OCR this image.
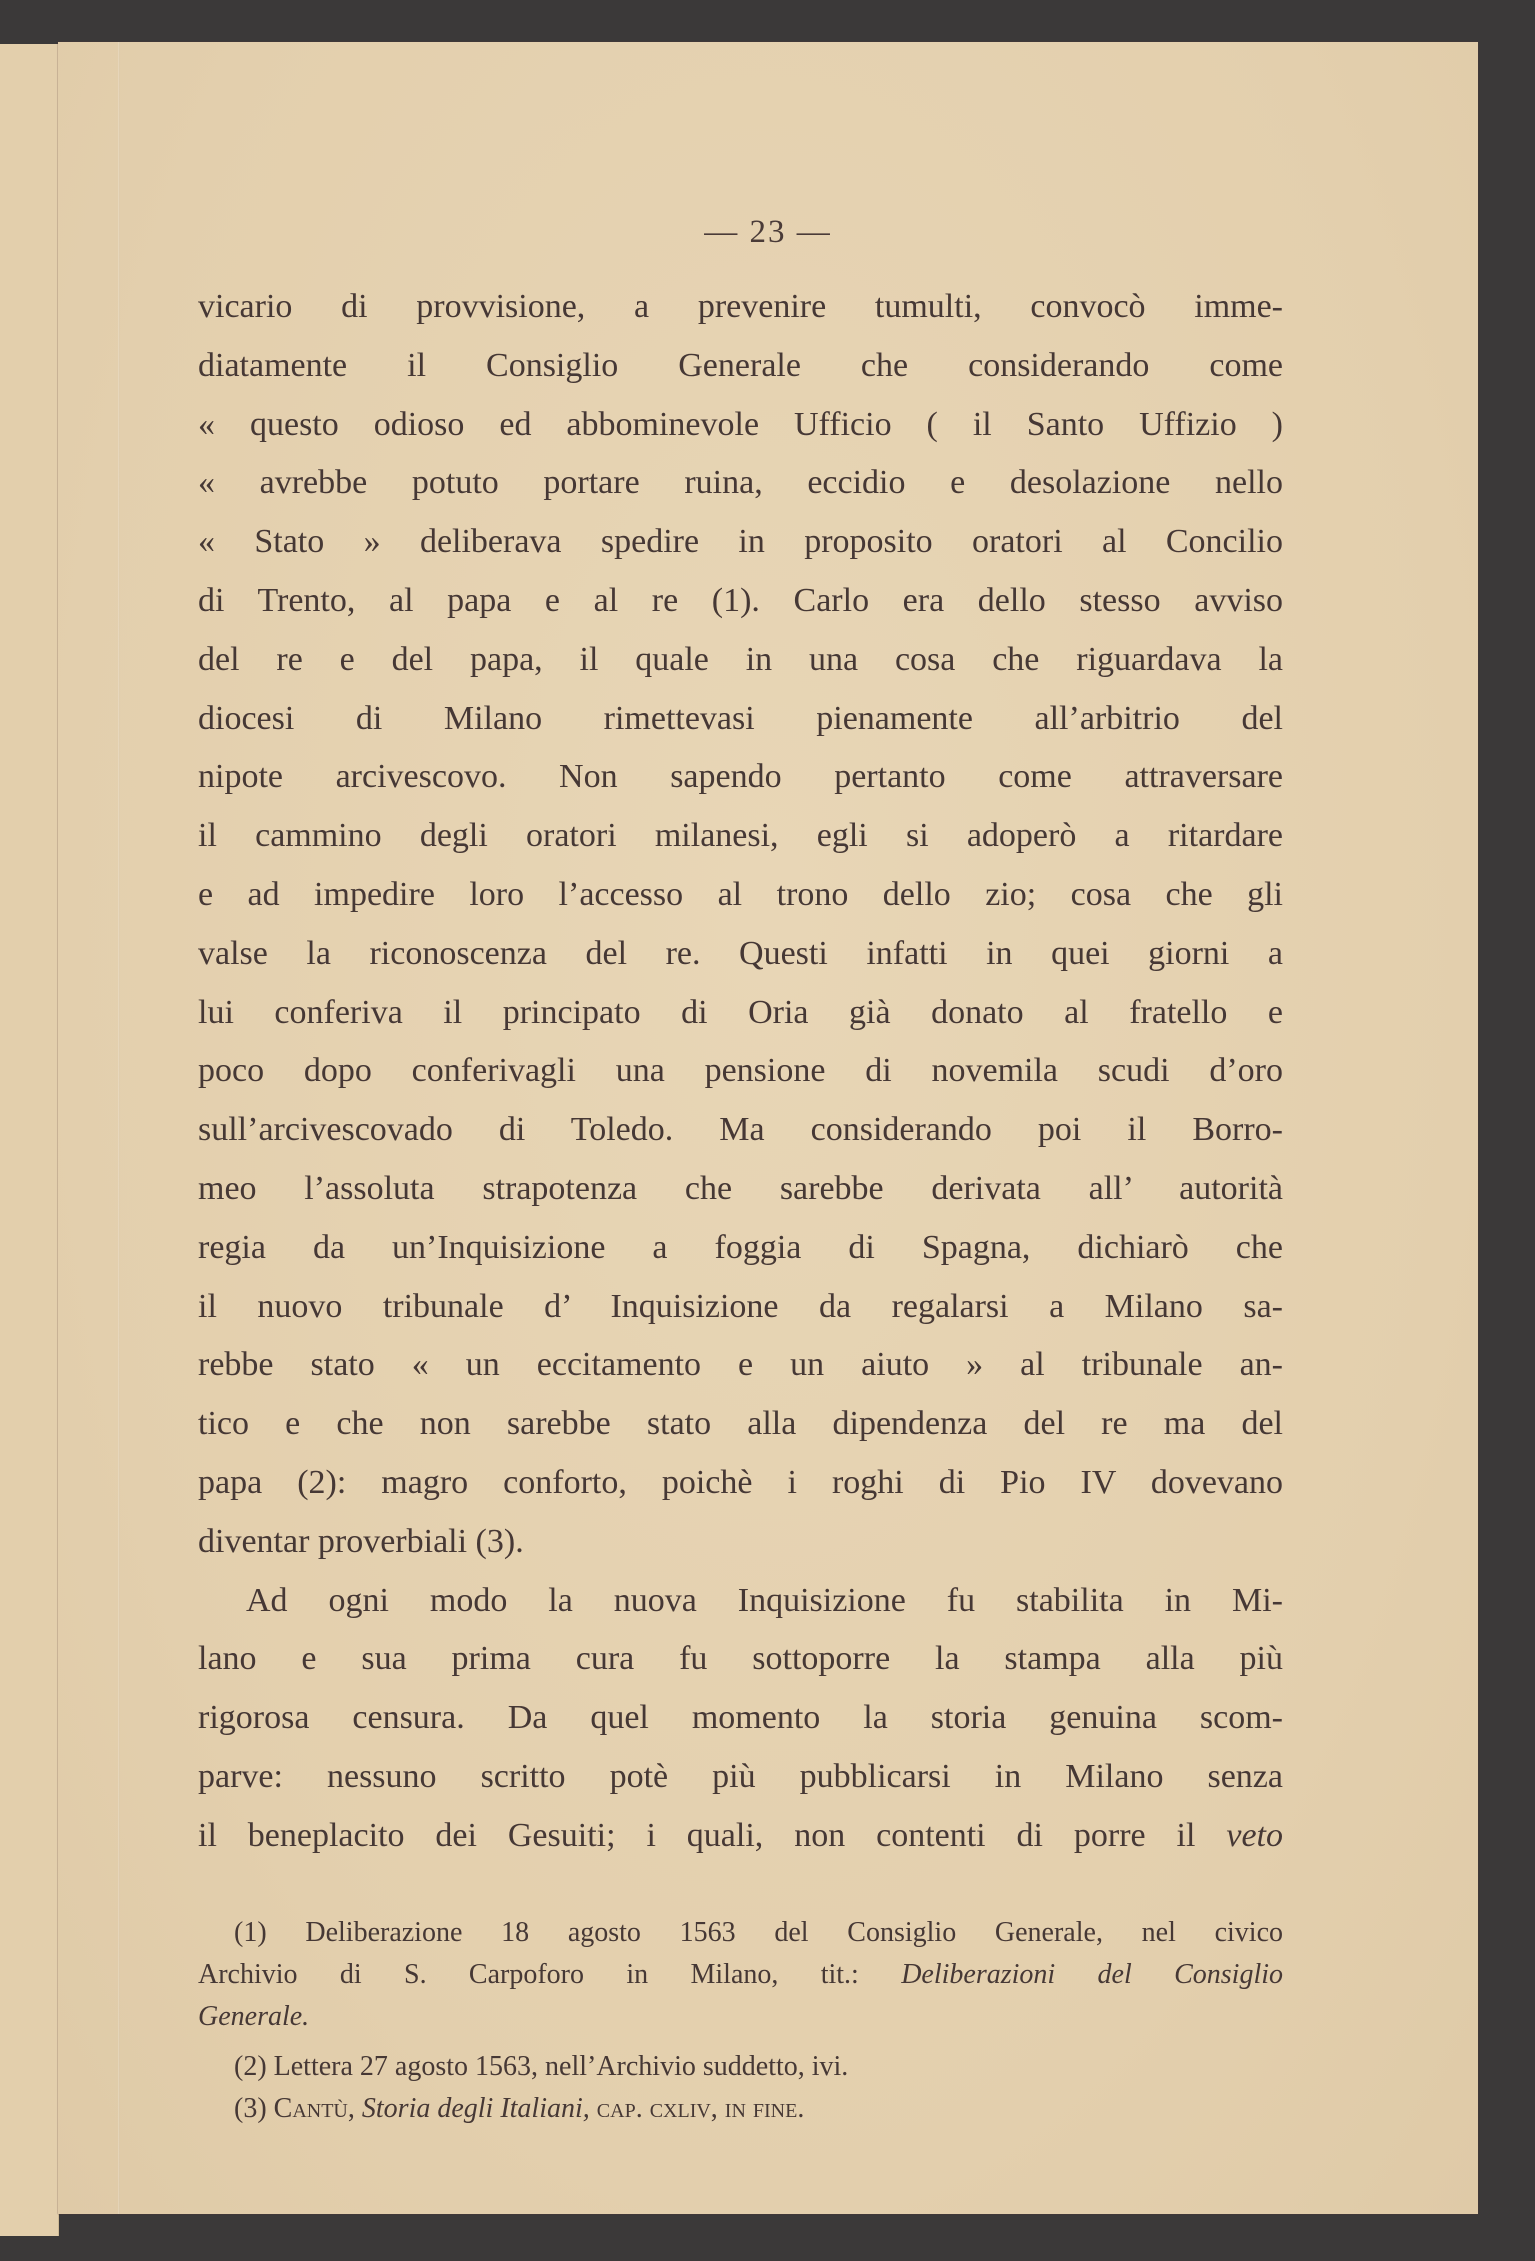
— 23 —
vicario di provvisione, a prevenire tumulti, convocò imme-
diatamente il Consiglio Generale che considerando come
« questo odioso ed abbominevole Ufficio ( il Santo Uffizio )
« avrebbe potuto portare ruina, eccidio e desolazione nello
« Stato » deliberava spedire in proposito oratori al Concilio
di Trento, al papa e al re (1). Carlo era dello stesso avviso
del re e del papa, il quale in una cosa che riguardava la
diocesi di Milano rimettevasi pienamente all’arbitrio del
nipote arcivescovo. Non sapendo pertanto come attraversare
il cammino degli oratori milanesi, egli si adoperò a ritardare
e ad impedire loro l’accesso al trono dello zio; cosa che gli
valse la riconoscenza del re. Questi infatti in quei giorni a
lui conferiva il principato di Oria già donato al fratello e
poco dopo conferivagli una pensione di novemila scudi d’oro
sull’arcivescovado di Toledo. Ma considerando poi il Borro-
meo l’assoluta strapotenza che sarebbe derivata all’ autorità
regia da un’Inquisizione a foggia di Spagna, dichiarò che
il nuovo tribunale d’ Inquisizione da regalarsi a Milano sa-
rebbe stato « un eccitamento e un aiuto » al tribunale an-
tico e che non sarebbe stato alla dipendenza del re ma del
papa (2): magro conforto, poichè i roghi di Pio IV dovevano
diventar proverbiali (3).
Ad ogni modo la nuova Inquisizione fu stabilita in Mi-
lano e sua prima cura fu sottoporre la stampa alla più
rigorosa censura. Da quel momento la storia genuina scom-
parve: nessuno scritto potè più pubblicarsi in Milano senza
il beneplacito dei Gesuiti; i quali, non contenti di porre il veto
(1) Deliberazione 18 agosto 1563 del Consiglio Generale, nel civico
Archivio di S. Carpoforo in Milano, tit.: Deliberazioni del Consiglio
Generale.
(2) Lettera 27 agosto 1563, nell’Archivio suddetto, ivi.
(3) Cantù, Storia degli Italiani, cap. cxliv, in fine.
